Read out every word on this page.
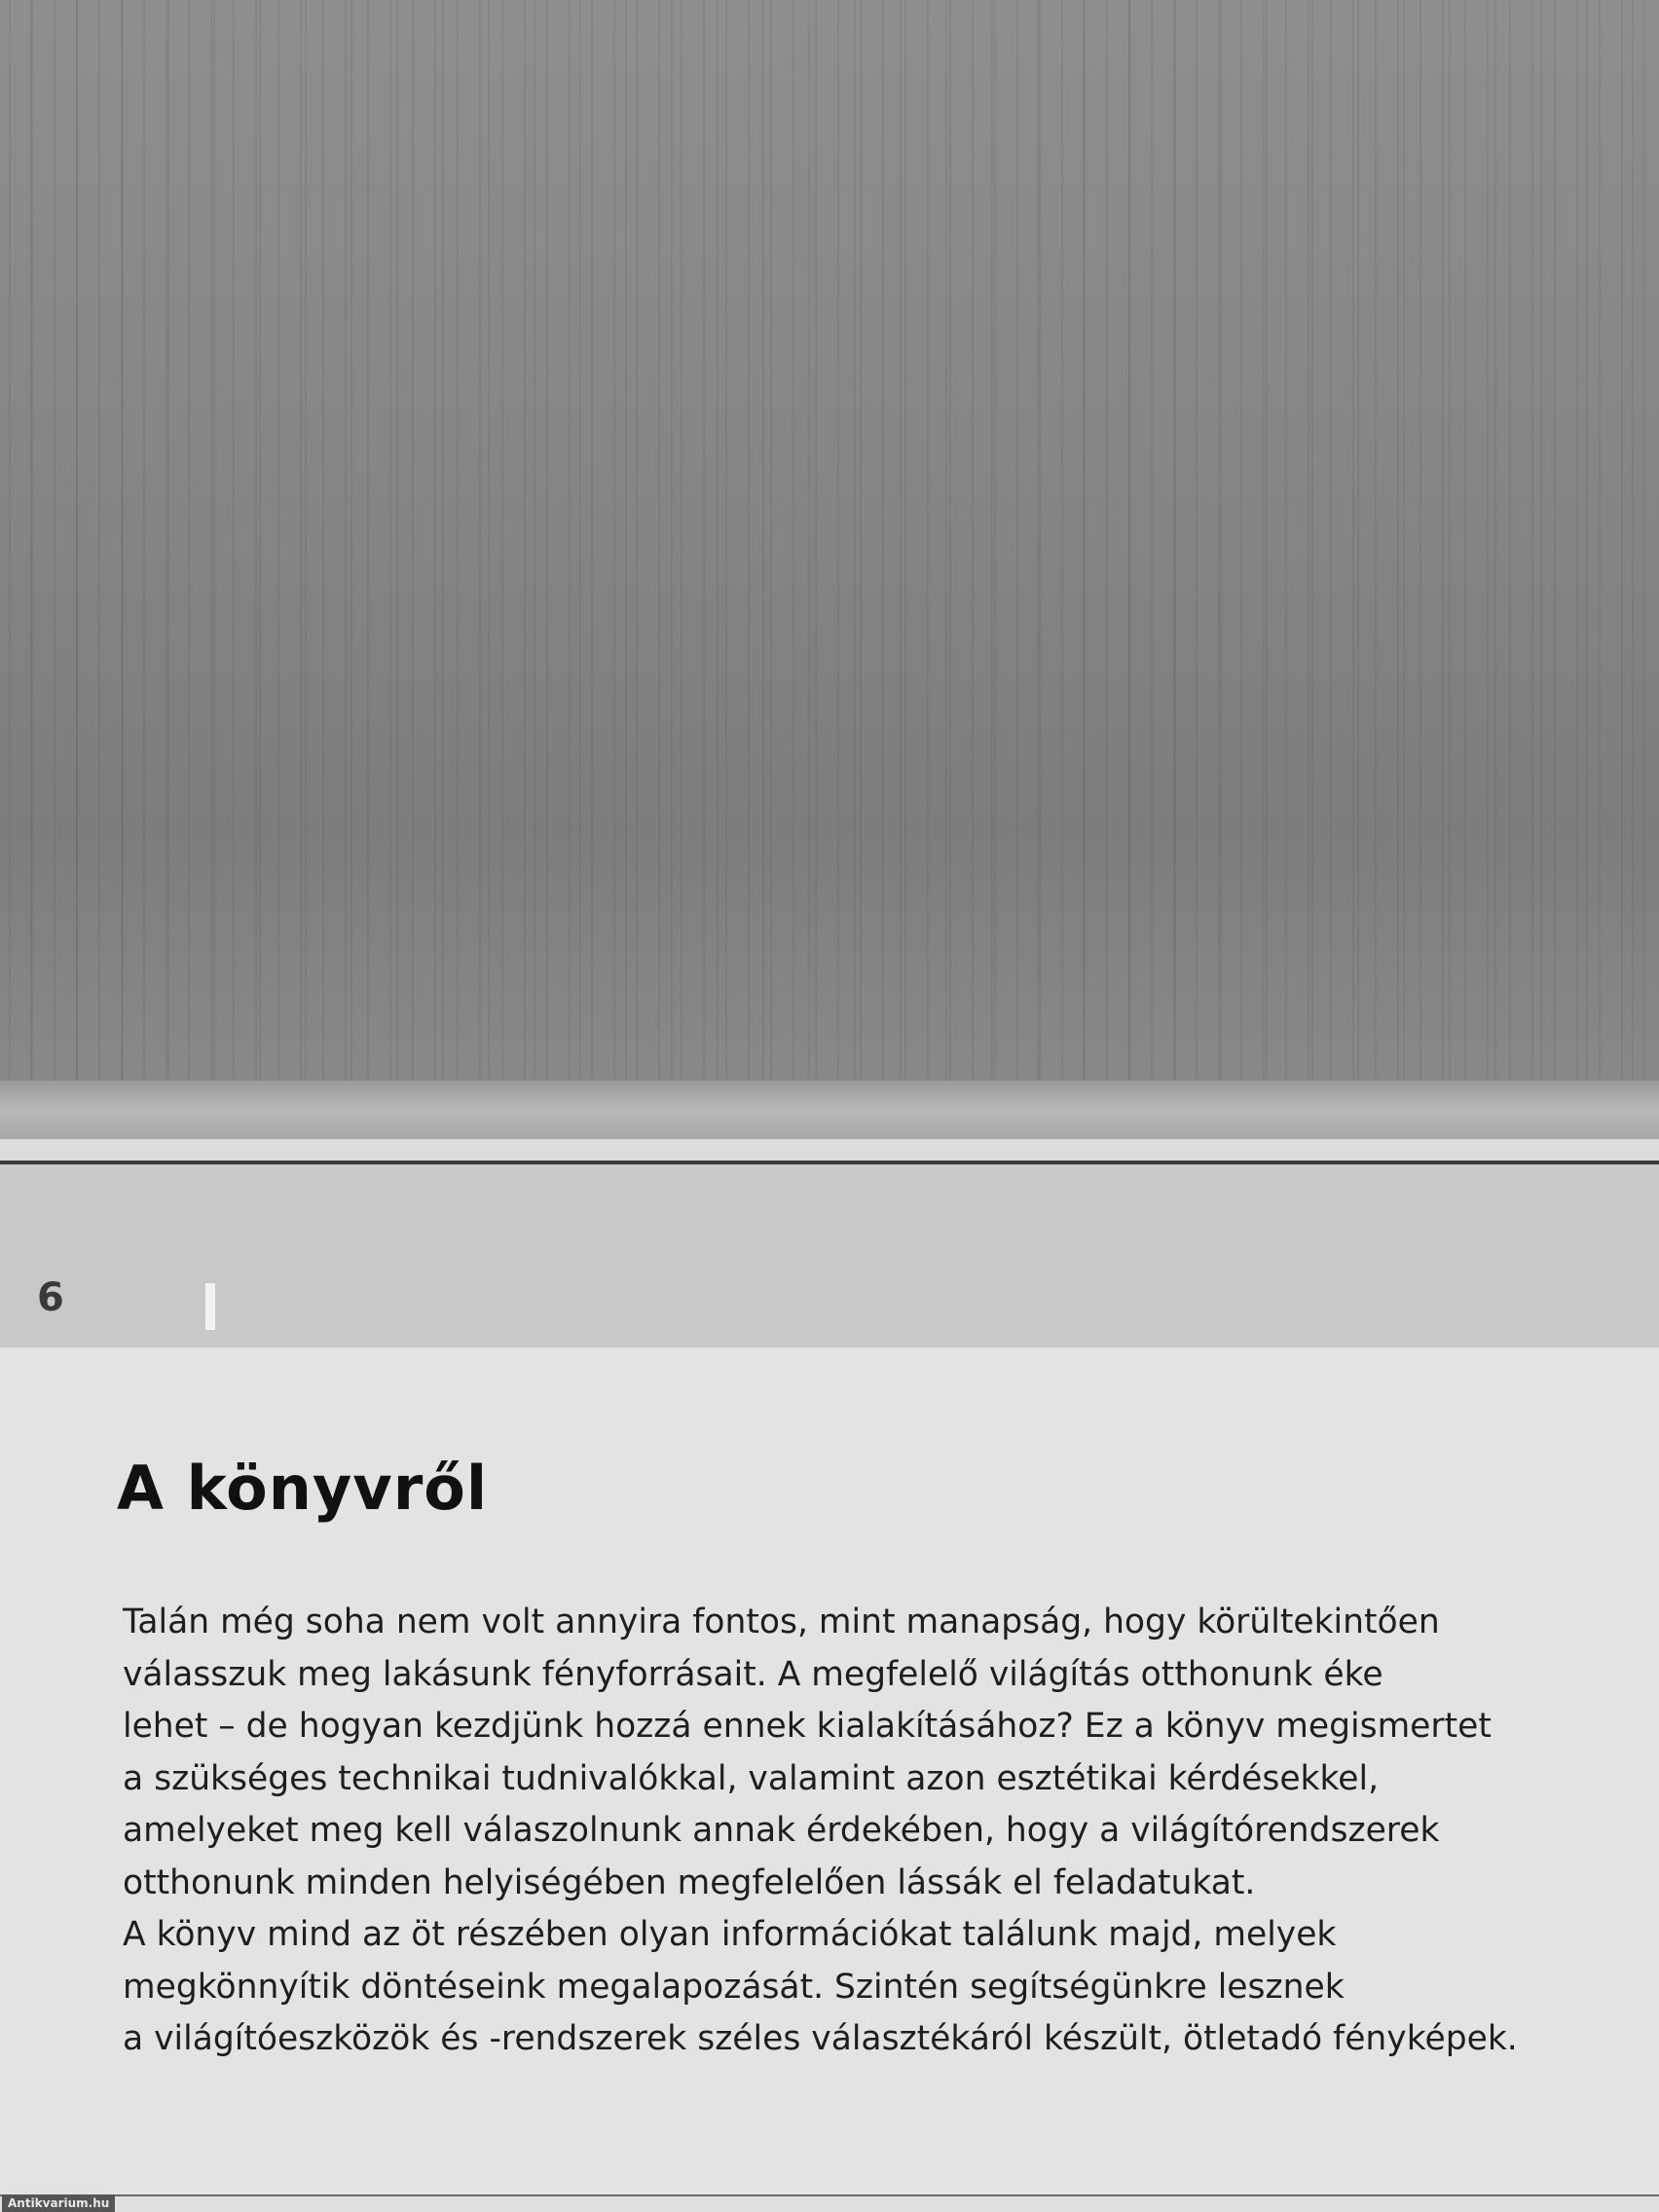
6
A könyvről

Talán még soha nem volt annyira fontos, mint manapság, hogy körültekintően
válasszuk meg lakásunk fényforrásait. A megfelelő világítás otthonunk éke
lehet – de hogyan kezdjünk hozzá ennek kialakításához? Ez a könyv megismertet
a szükséges technikai tudnivalókkal, valamint azon esztétikai kérdésekkel,
amelyeket meg kell válaszolnunk annak érdekében, hogy a világítórendszerek
otthonunk minden helyiségében megfelelően lássák el feladatukat.
A könyv mind az öt részében olyan információkat találunk majd, melyek
megkönnyítik döntéseink megalapozását. Szintén segítségünkre lesznek
a világítóeszközök és -rendszerek széles választékáról készült, ötletadó fényképek.

Antikvarium.hu
